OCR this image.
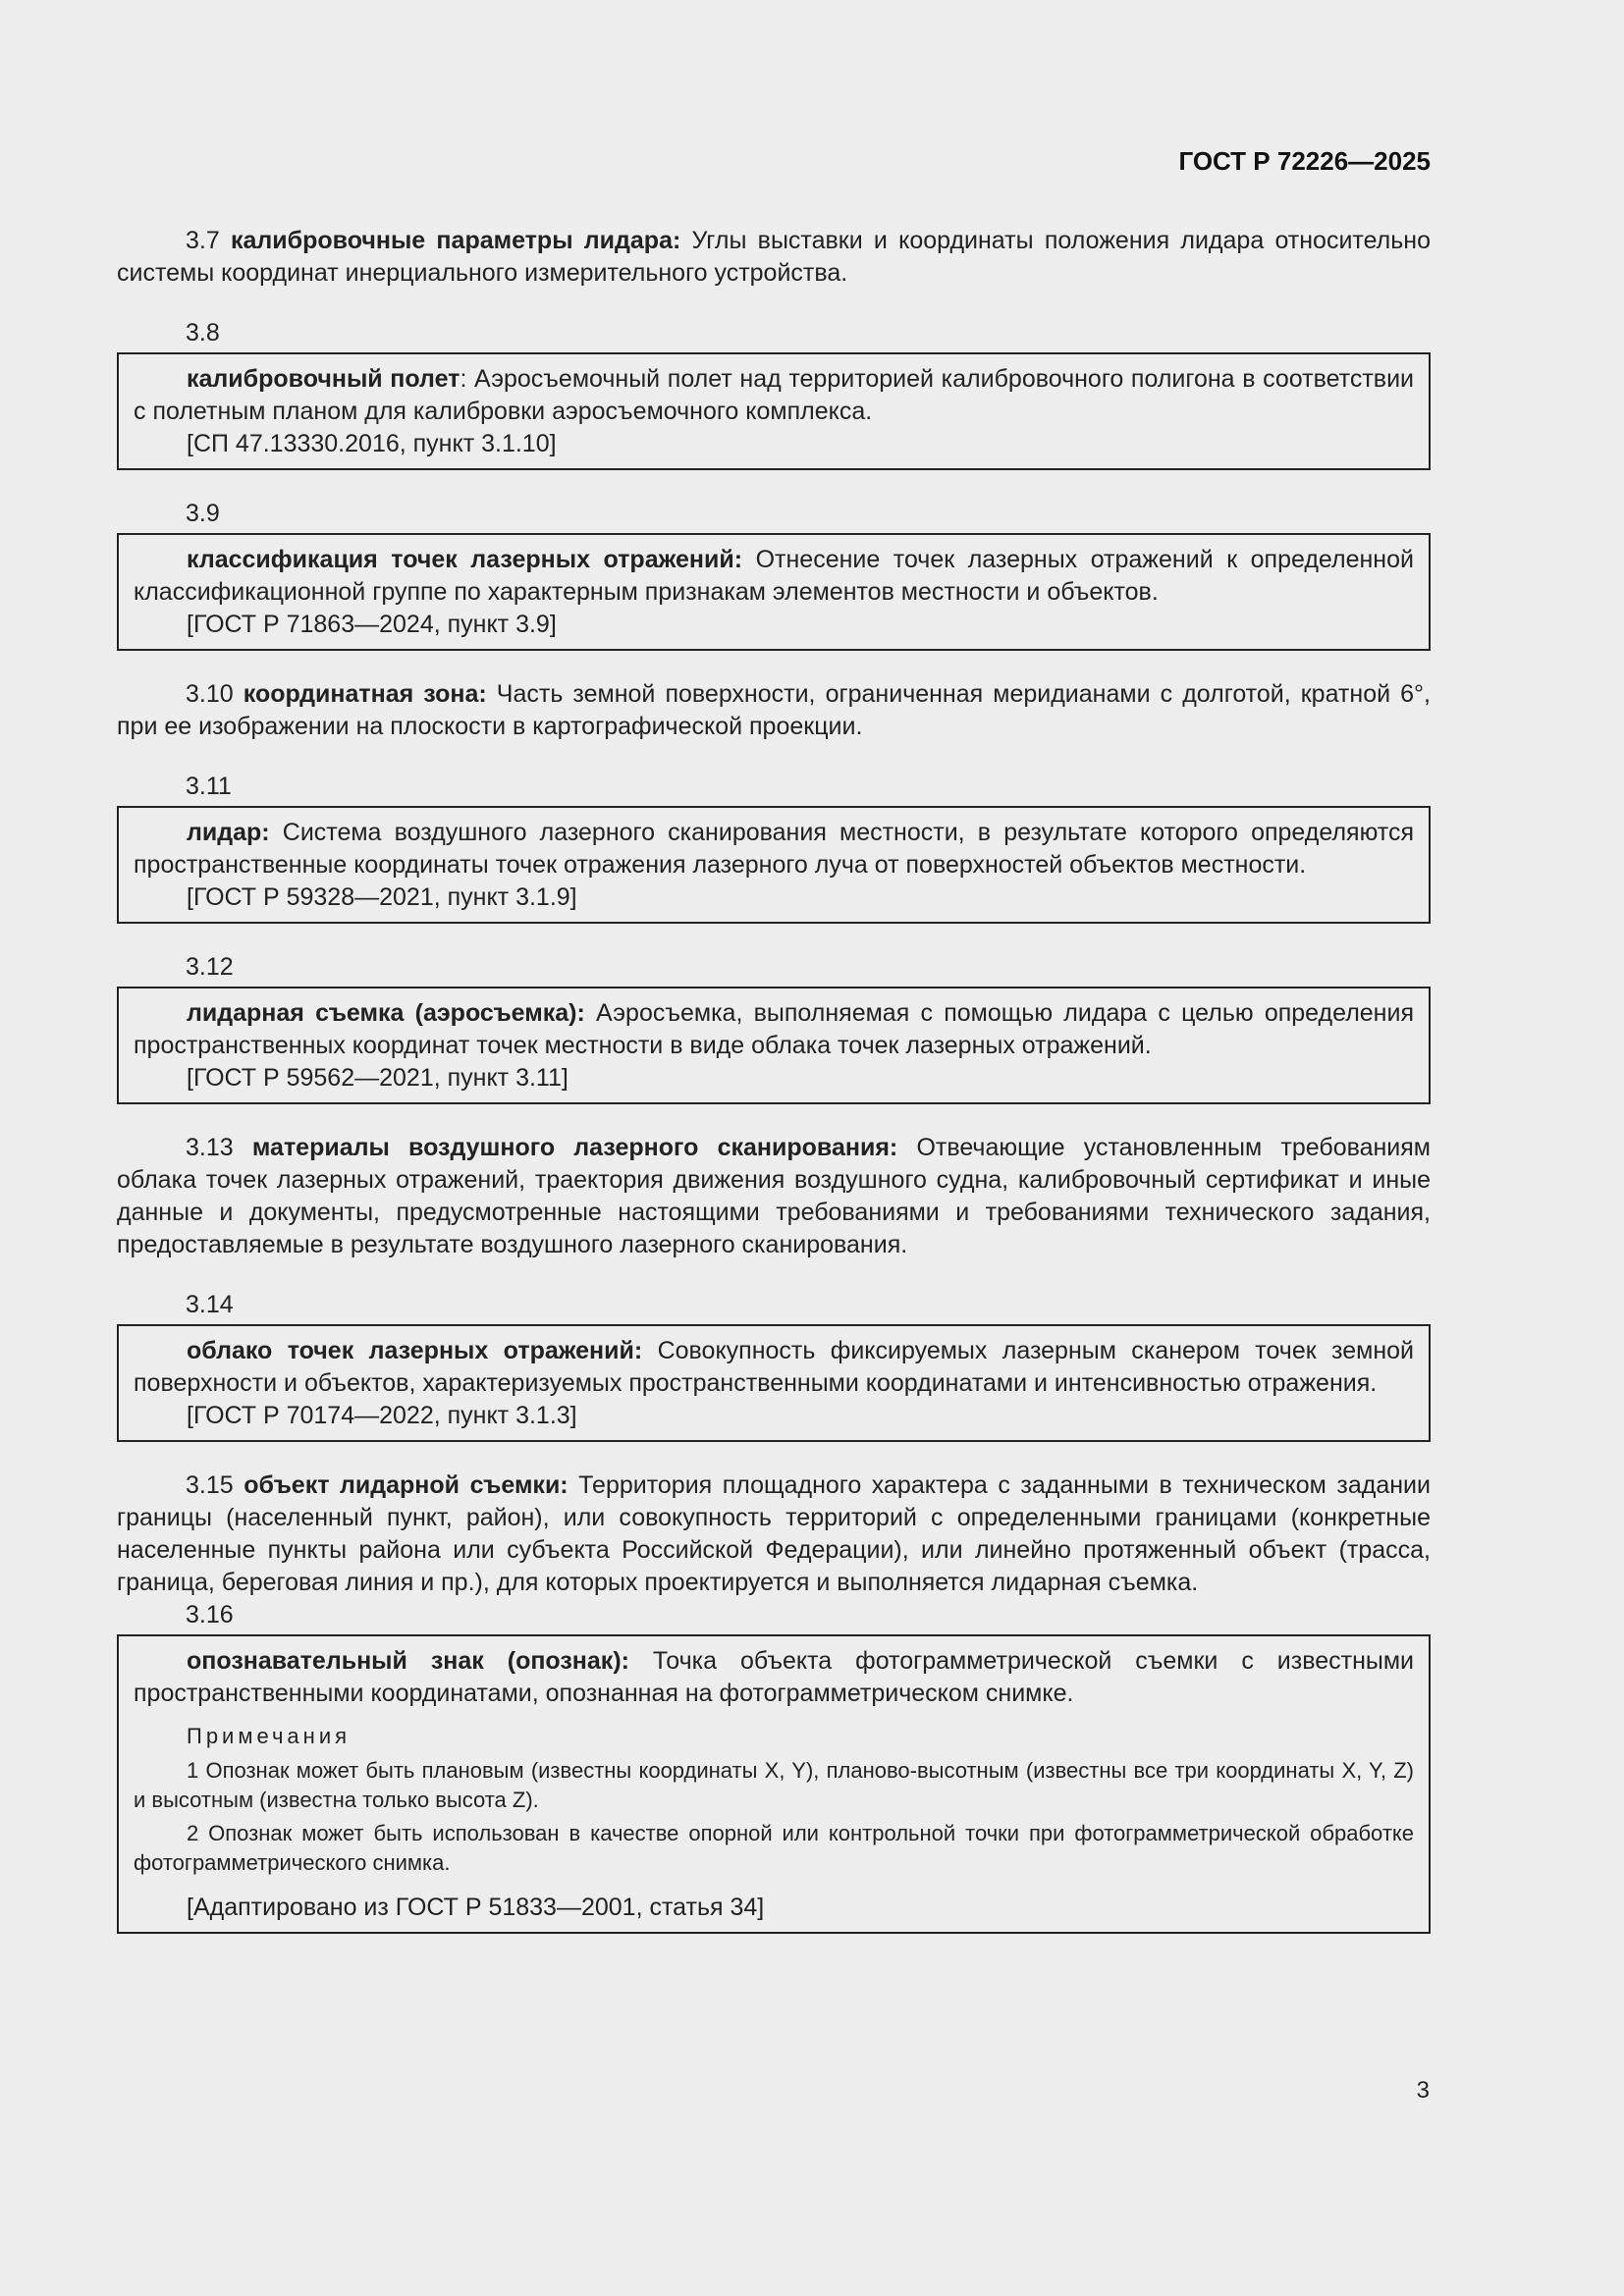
ГОСТ Р 72226—2025

3.7 калибровочные параметры лидара: Углы выставки и координаты положения лидара относительно системы координат инерциального измерительного устройства.

3.8

калибровочный полет: Аэросъемочный полет над территорией калибровочного полигона в соответствии с полетным планом для калибровки аэросъемочного комплекса.

[СП 47.13330.2016, пункт 3.1.10]
3.9

классификация точек лазерных отражений: Отнесение точек лазерных отражений к определенной классификационной группе по характерным признакам элементов местности и объектов.

[ГОСТ Р 71863—2024, пункт 3.9]

3.10 координатная зона: Часть земной поверхности, ограниченная меридианами с долготой, кратной 6°, при ее изображении на плоскости в картографической проекции.

3.11

лидар: Система воздушного лазерного сканирования местности, в результате которого определяются пространственные координаты точек отражения лазерного луча от поверхностей объектов местности.

[ГОСТ Р 59328—2021, пункт 3.1.9]
3.12

лидарная съемка (аэросъемка): Аэросъемка, выполняемая с помощью лидара с целью определения пространственных координат точек местности в виде облака точек лазерных отражений.

[ГОСТ Р 59562—2021, пункт 3.11]

3.13 материалы воздушного лазерного сканирования: Отвечающие установленным требованиям облака точек лазерных отражений, траектория движения воздушного судна, калибровочный сертификат и иные данные и документы, предусмотренные настоящими требованиями и требованиями технического задания, предоставляемые в результате воздушного лазерного сканирования.

3.14

облако точек лазерных отражений: Совокупность фиксируемых лазерным сканером точек земной поверхности и объектов, характеризуемых пространственными координатами и интенсивностью отражения.

[ГОСТ Р 70174—2022, пункт 3.1.3]

3.15 объект лидарной съемки: Территория площадного характера с заданными в техническом задании границы (населенный пункт, район), или совокупность территорий с определенными границами (конкретные населенные пункты района или субъекта Российской Федерации), или линейно протяженный объект (трасса, граница, береговая линия и пр.), для которых проектируется и выполняется лидарная съемка.

3.16

опознавательный знак (опознак): Точка объекта фотограмметрической съемки с известными пространственными координатами, опознанная на фотограмметрическом снимке.

Примечания
1 Опознак может быть плановым (известны координаты X, Y), планово-высотным (известны все три координаты X, Y, Z) и высотным (известна только высота Z).
2 Опознак может быть использован в качестве опорной или контрольной точки при фотограмметрической обработке фотограмметрического снимка.
[Адаптировано из ГОСТ Р 51833—2001, статья 34]
3
